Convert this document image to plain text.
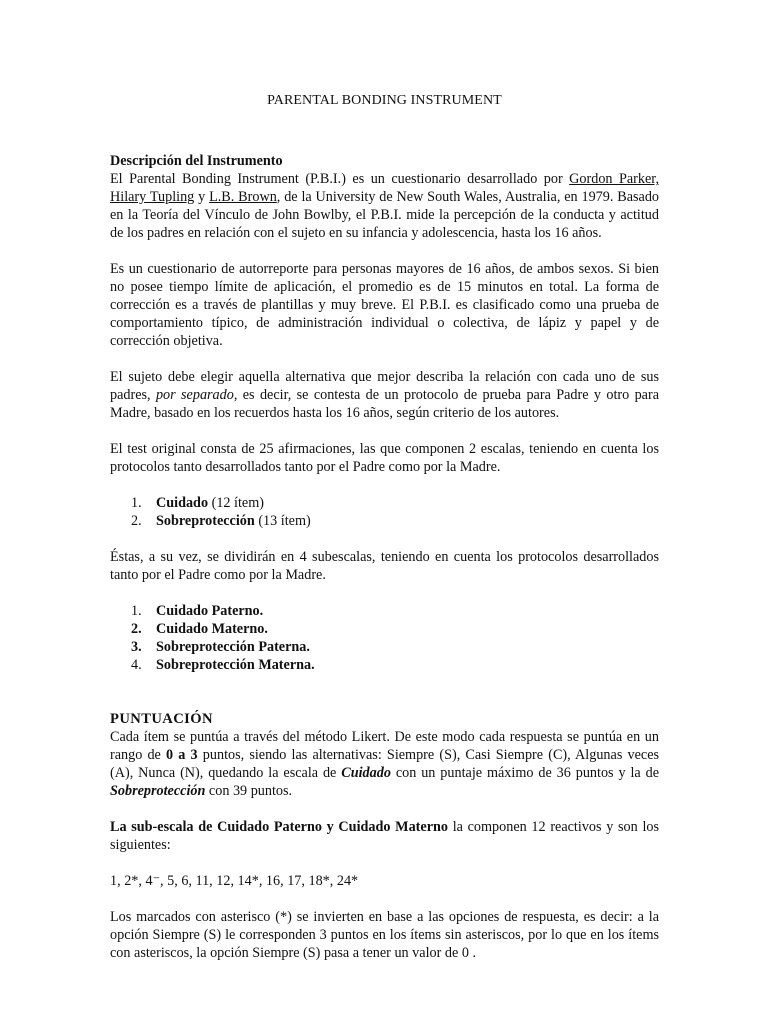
PARENTAL BONDING INSTRUMENT
Descripción del Instrumento

El Parental Bonding Instrument (P.B.I.) es un cuestionario desarrollado por Gordon Parker, Hilary Tupling y L.B. Brown, de la University de New South Wales, Australia, en 1979. Basado en la Teoría del Vínculo de John Bowlby, el P.B.I. mide la percepción de la conducta y actitud de los padres en relación con el sujeto en su infancia y adolescencia, hasta los 16 años.

Es un cuestionario de autorreporte para personas mayores de 16 años, de ambos sexos. Si bien no posee tiempo límite de aplicación, el promedio es de 15 minutos en total. La forma de corrección es a través de plantillas y muy breve. El P.B.I. es clasificado como una prueba de comportamiento típico, de administración individual o colectiva, de lápiz y papel y de corrección objetiva.

El sujeto debe elegir aquella alternativa que mejor describa la relación con cada uno de sus padres, por separado, es decir, se contesta de un protocolo de prueba para Padre y otro para Madre, basado en los recuerdos hasta los 16 años, según criterio de los autores.

El test original consta de 25 afirmaciones, las que componen 2 escalas, teniendo en cuenta los protocolos tanto desarrollados tanto por el Padre como por la Madre.

1. Cuidado (12 ítem)
2. Sobreprotección (13 ítem)

Éstas, a su vez, se dividirán en 4 subescalas, teniendo en cuenta los protocolos desarrollados tanto por el Padre como por la Madre.

1. Cuidado Paterno.
2. Cuidado Materno.
3. Sobreprotección Paterna.
4. Sobreprotección Materna.
PUNTUACIÓN

Cada ítem se puntúa a través del método Likert. De este modo cada respuesta se puntúa en un rango de 0 a 3 puntos, siendo las alternativas: Siempre (S), Casi Siempre (C), Algunas veces (A), Nunca (N), quedando la escala de Cuidado con un puntaje máximo de 36 puntos y la de Sobreprotección con 39 puntos.

La sub-escala de Cuidado Paterno y Cuidado Materno la componen 12 reactivos y son los siguientes:

1, 2*, 4⁻, 5, 6, 11, 12, 14*, 16, 17, 18*, 24*

Los marcados con asterisco (*) se invierten en base a las opciones de respuesta, es decir: a la opción Siempre (S) le corresponden 3 puntos en los ítems sin asteriscos, por lo que en los ítems con asteriscos, la opción Siempre (S) pasa a tener un valor de 0 .
